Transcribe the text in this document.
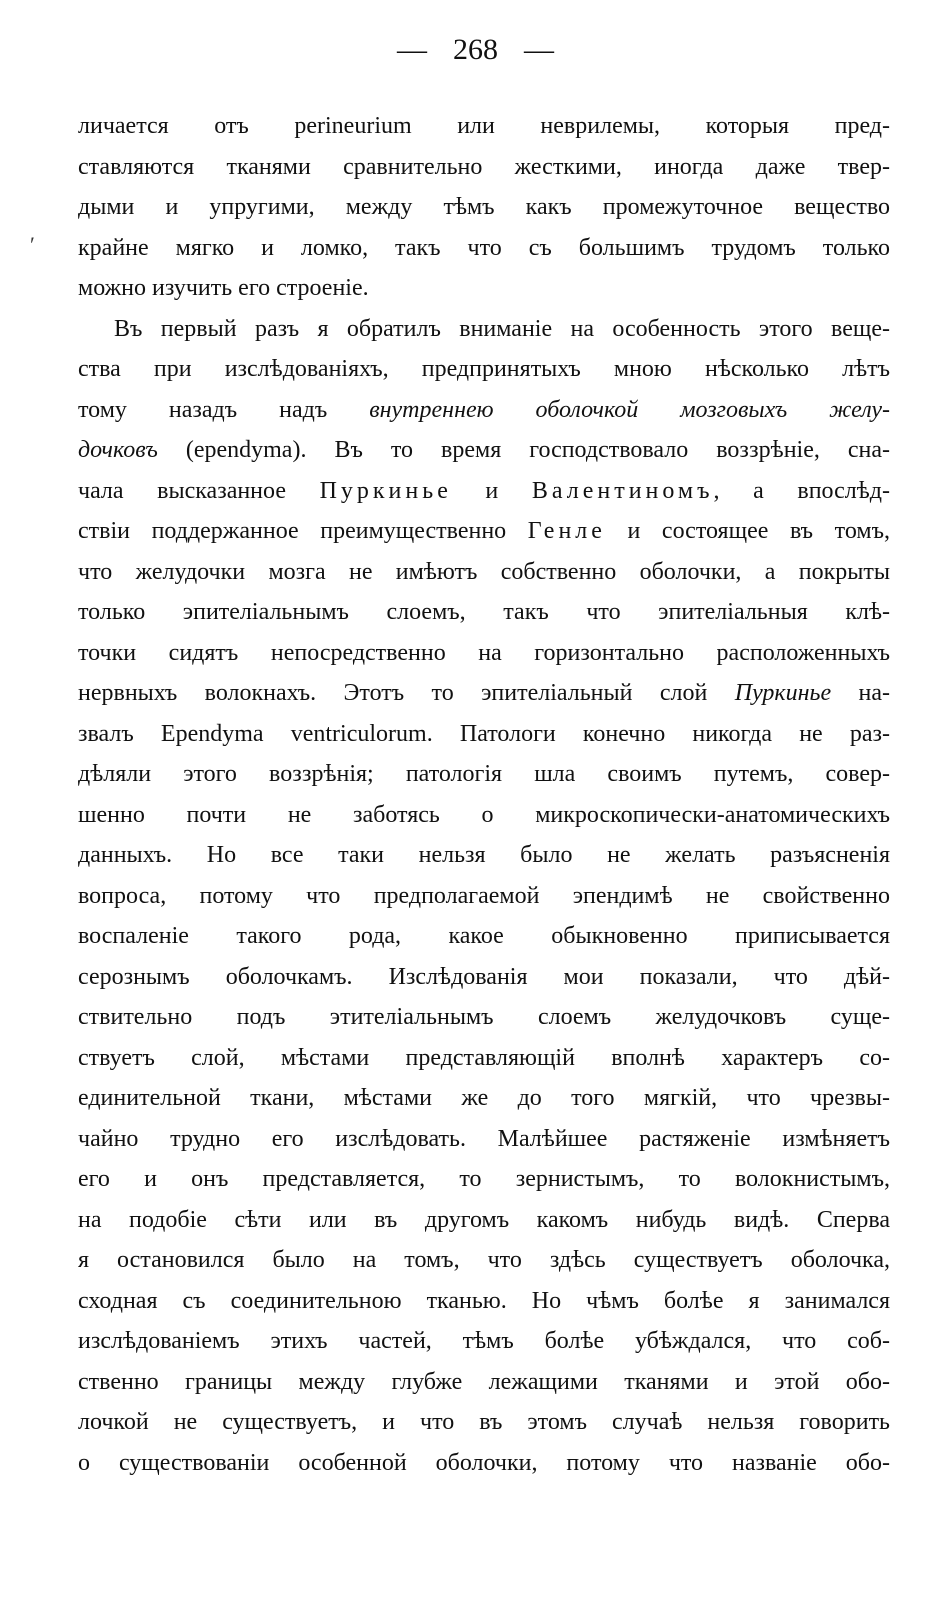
— 268 —
′
личается отъ perineurium или неврилемы, которыя пред-
ставляются тканями сравнительно жесткими, иногда даже твер-
дыми и упругими, между тѣмъ какъ промежуточное вещество
крайне мягко и ломко, такъ что съ большимъ трудомъ только
можно изучить его строеніе.
Въ первый разъ я обратилъ вниманіе на особенность этого веще-
ства при изслѣдованіяхъ, предпринятыхъ мною нѣсколько лѣтъ
тому назадъ надъ внутреннею оболочкой мозговыхъ желу-
дочковъ (ependyma). Въ то время господствовало воззрѣніе, сна-
чала высказанное Пуркинье и Валентиномъ, а впослѣд-
ствіи поддержанное преимущественно Генле и состоящее въ томъ,
что желудочки мозга не имѣютъ собственно оболочки, а покрыты
только эпителіальнымъ слоемъ, такъ что эпителіальныя клѣ-
точки сидятъ непосредственно на горизонтально расположенныхъ
нервныхъ волокнахъ. Этотъ то эпителіальный слой Пуркинье на-
звалъ Ependyma ventriculorum. Патологи конечно никогда не раз-
дѣляли этого воззрѣнія; патологія шла своимъ путемъ, совер-
шенно почти не заботясь о микроскопически-анатомическихъ
данныхъ. Но все таки нельзя было не желать разъясненія
вопроса, потому что предполагаемой эпендимѣ не свойственно
воспаленіе такого рода, какое обыкновенно приписывается
серознымъ оболочкамъ. Изслѣдованія мои показали, что дѣй-
ствительно подъ этителіальнымъ слоемъ желудочковъ суще-
ствуетъ слой, мѣстами представляющій вполнѣ характеръ со-
единительной ткани, мѣстами же до того мягкій, что чрезвы-
чайно трудно его изслѣдовать. Малѣйшее растяженіе измѣняетъ
его и онъ представляется, то зернистымъ, то волокнистымъ,
на подобіе сѣти или въ другомъ какомъ нибудь видѣ. Сперва
я остановился было на томъ, что здѣсь существуетъ оболочка,
сходная съ соединительною тканью. Но чѣмъ болѣе я занимался
изслѣдованіемъ этихъ частей, тѣмъ болѣе убѣждался, что соб-
ственно границы между глубже лежащими тканями и этой обо-
лочкой не существуетъ, и что въ этомъ случаѣ нельзя говорить
о существованіи особенной оболочки, потому что названіе обо-
